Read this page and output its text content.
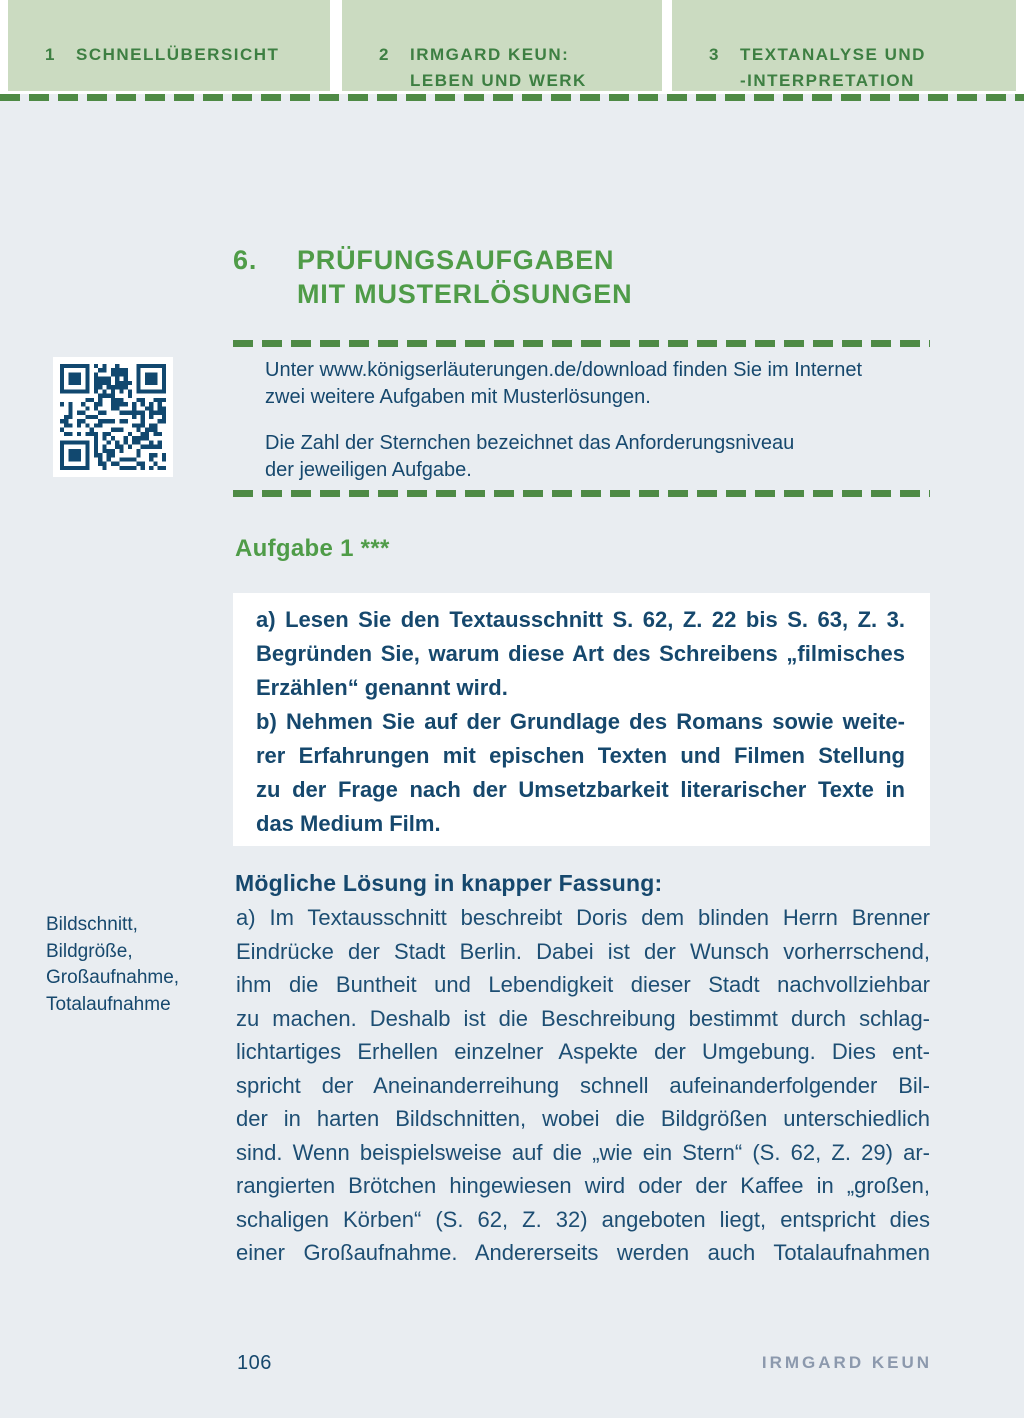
1	SCHNELLÜBERSICHT	2	IRMGARD KEUN:
LEBEN UND WERK
3	TEXTANALYSE UND
-INTERPRETATION
6.	PRÜFUNGSAUFGABEN
MIT MUSTERLÖSUNGEN
Unter www.königserläuterungen.de/download finden Sie im Internet
zwei weitere Aufgaben mit Musterlösungen.
Die Zahl der Sternchen bezeichnet das Anforderungsniveau
der jeweiligen Aufgabe.
Aufgabe 1 ***
a) Lesen Sie den Textausschnitt S. 62, Z. 22 bis S. 63, Z. 3.
Begründen Sie, warum diese Art des Schreibens „filmisches
Erzählen“ genannt wird.
b) Nehmen Sie auf der Grundlage des Romans sowie weite-
rer Erfahrungen mit epischen Texten und Filmen Stellung
zu der Frage nach der Umsetzbarkeit literarischer Texte in
das Medium Film.
Mögliche Lösung in knapper Fassung:
Bildschnitt,
Bildgröße,
Großaufnahme,
Totalaufnahme
a) Im Textausschnitt beschreibt Doris dem blinden Herrn Brenner
Eindrücke der Stadt Berlin. Dabei ist der Wunsch vorherrschend,
ihm die Buntheit und Lebendigkeit dieser Stadt nachvollziehbar
zu machen. Deshalb ist die Beschreibung bestimmt durch schlag-
lichtartiges Erhellen einzelner Aspekte der Umgebung. Dies ent-
spricht der Aneinanderreihung schnell aufeinanderfolgender Bil-
der in harten Bildschnitten, wobei die Bildgrößen unterschiedlich
sind. Wenn beispielsweise auf die „wie ein Stern“ (S. 62, Z. 29) ar-
rangierten Brötchen hingewiesen wird oder der Kaffee in „großen,
schaligen Körben“ (S. 62, Z. 32) angeboten liegt, entspricht dies
einer Großaufnahme. Andererseits werden auch Totalaufnahmen
106	IRMGARD KEUN
